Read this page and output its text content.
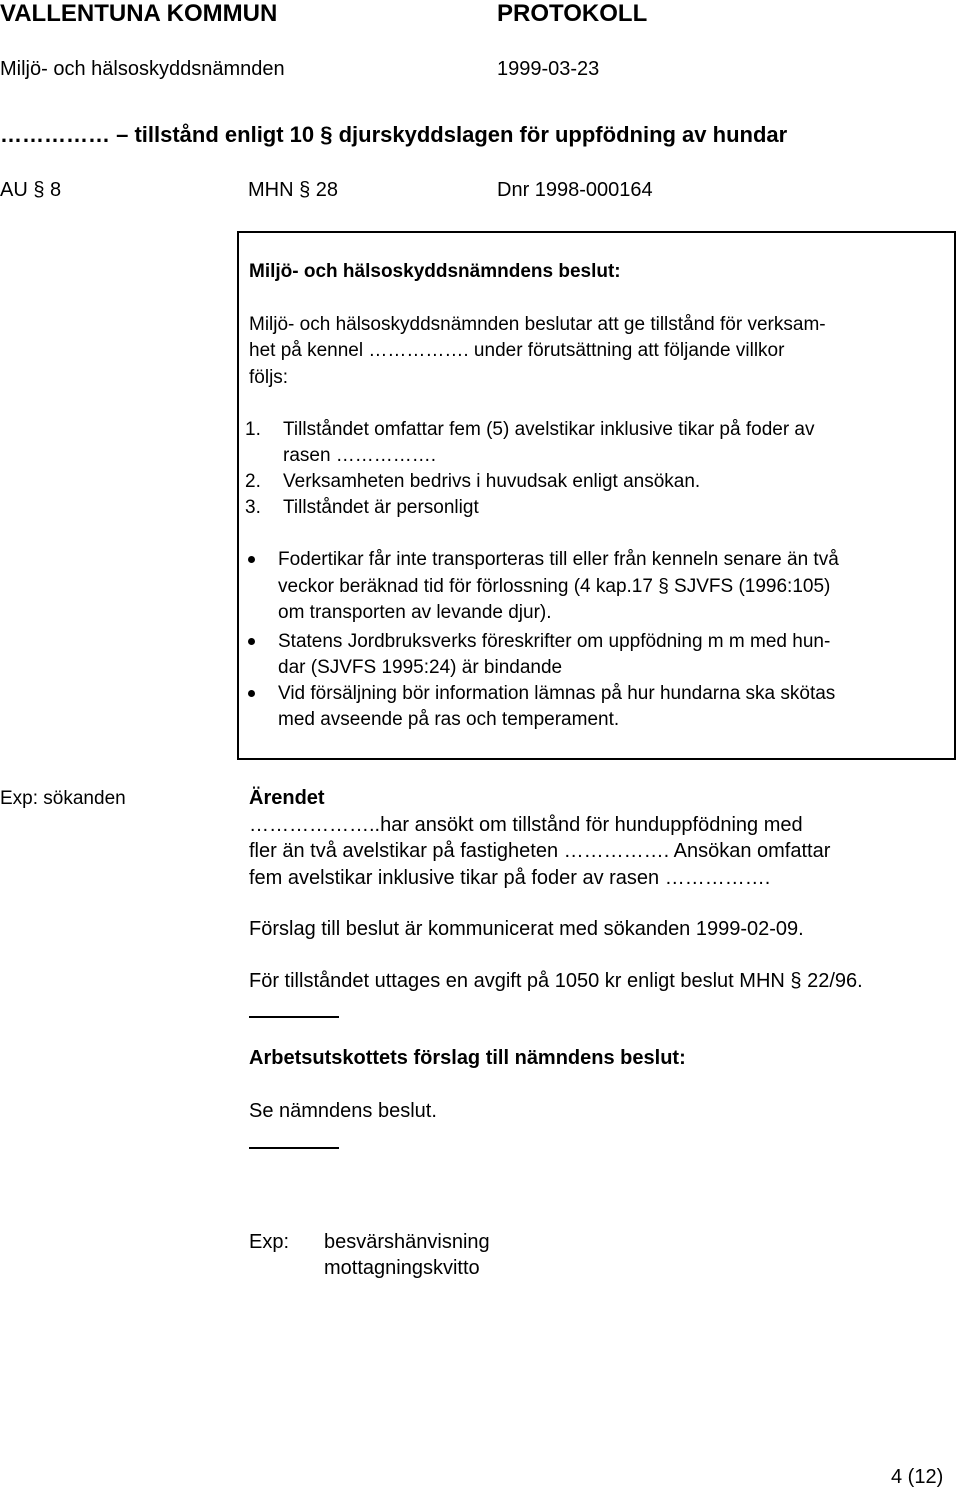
VALLENTUNA KOMMUN	PROTOKOLL
Miljö- och hälsoskyddsnämnden	1999-03-23
…………… – tillstånd enligt 10 § djurskyddslagen för uppfödning av hundar
AU § 8	MHN § 28	Dnr 1998-000164
Miljö- och hälsoskyddsnämndens beslut:
Miljö- och hälsoskyddsnämnden beslutar att ge tillstånd för verksam-
het på kennel ……………. under förutsättning att följande villkor
följs:
1. Tillståndet omfattar fem (5) avelstikar inklusive tikar på foder av
rasen …………….
2. Verksamheten bedrivs i huvudsak enligt ansökan.
3. Tillståndet är personligt
Fodertikar får inte transporteras till eller från kenneln senare än två
veckor beräknad tid för förlossning (4 kap.17 § SJVFS (1996:105)
om transporten av levande djur).
Statens Jordbruksverks föreskrifter om uppfödning m m med hun-
dar (SJVFS 1995:24) är bindande
Vid försäljning bör information lämnas på hur hundarna ska skötas
med avseende på ras och temperament.
Exp: sökanden	Ärendet
………………..har ansökt om tillstånd för hunduppfödning med
fler än två avelstikar på fastigheten ……………. Ansökan omfattar
fem avelstikar inklusive tikar på foder av rasen …………….
Förslag till beslut är kommunicerat med sökanden 1999-02-09.
För tillståndet uttages en avgift på 1050 kr enligt beslut MHN § 22/96.
Arbetsutskottets förslag till nämndens beslut:
Se nämndens beslut.
Exp: besvärshänvisning
mottagningskvitto
4 (12)
